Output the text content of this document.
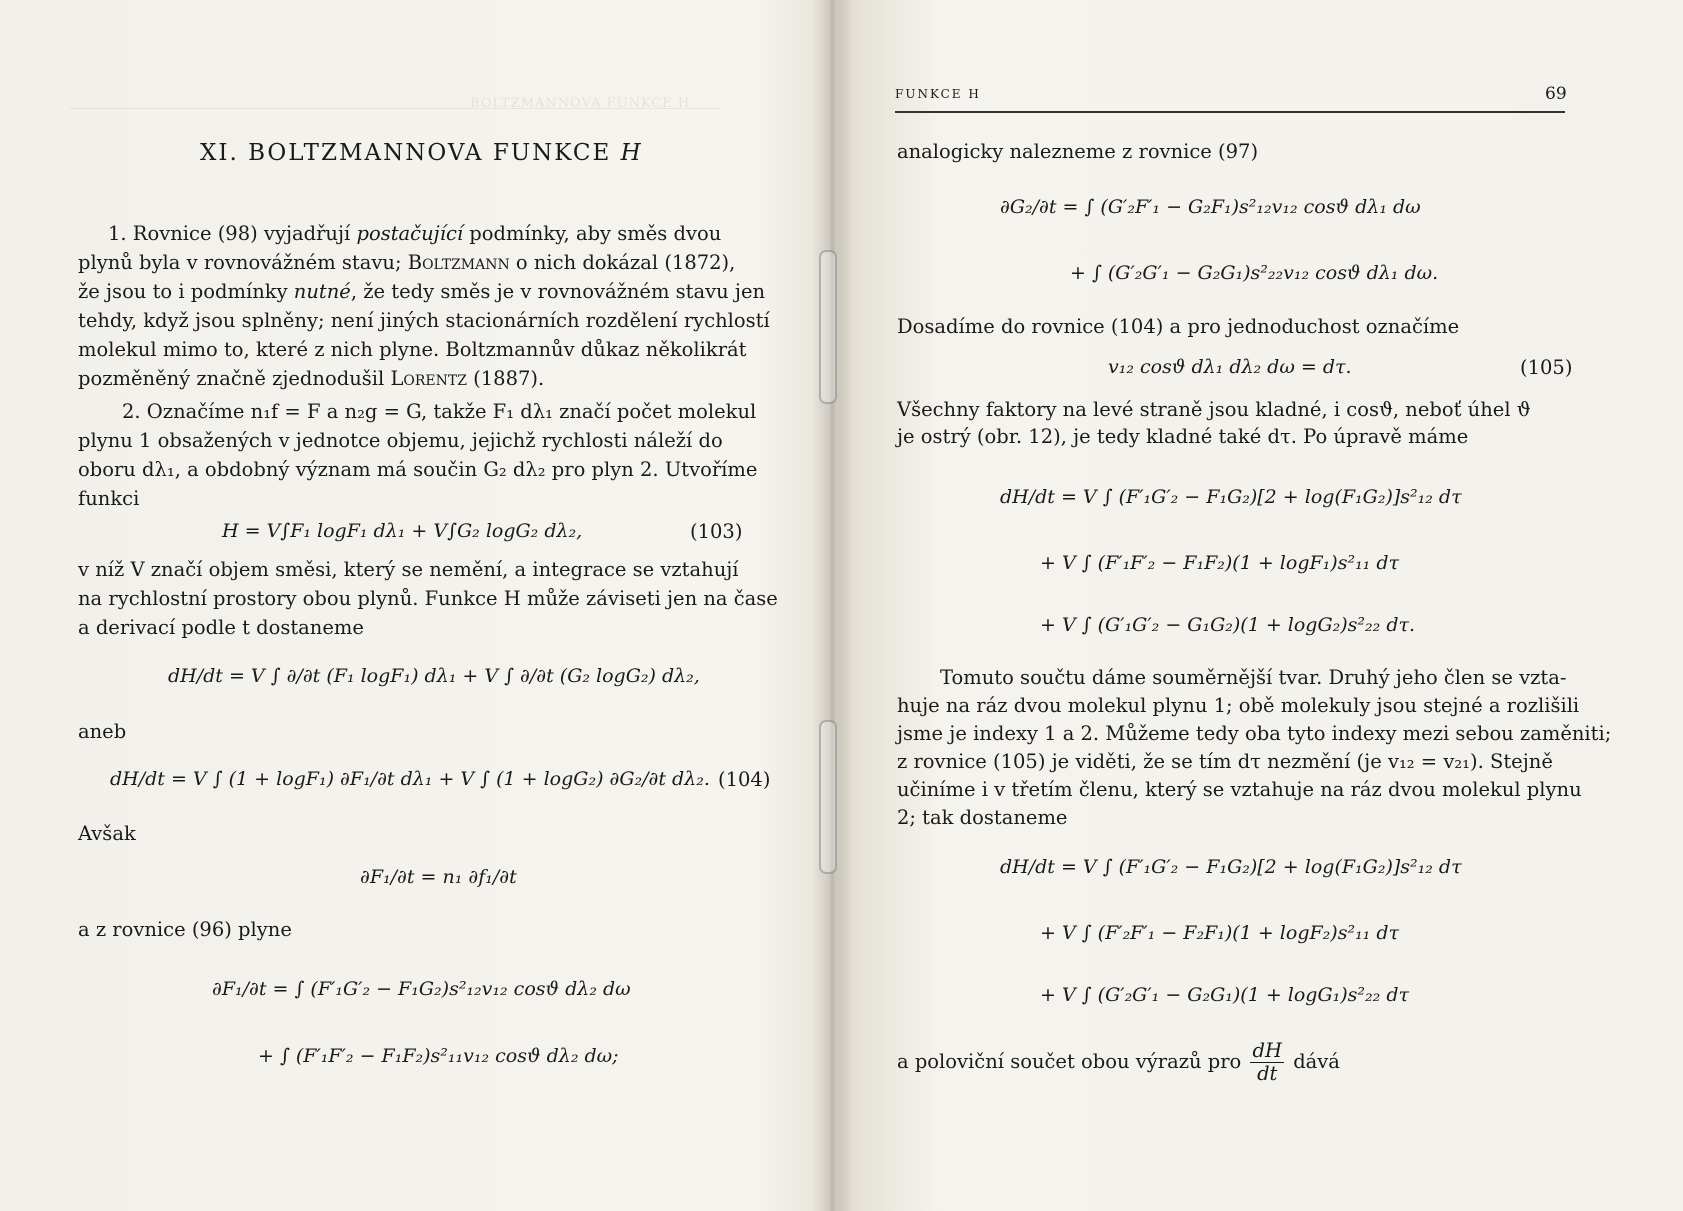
BOLTZMANNOVA FUNKCE H
XI. BOLTZMANNOVA FUNKCE H
1. Rovnice (98) vyjadřují postačující podmínky, aby směs dvou
plynů byla v rovnovážném stavu; Boltzmann o nich dokázal (1872),
že jsou to i podmínky nutné, že tedy směs je v rovnovážném stavu jen
tehdy, když jsou splněny; není jiných stacionárních rozdělení rychlostí
molekul mimo to, které z nich plyne. Boltzmannův důkaz několikrát
pozměněný značně zjednodušil Lorentz (1887).
2. Označíme n₁f = F a n₂g = G, takže F₁ dλ₁ značí počet molekul
plynu 1 obsažených v jednotce objemu, jejichž rychlosti náleží do
oboru dλ₁, a obdobný význam má součin G₂ dλ₂ pro plyn 2. Utvoříme
funkci
H = V∫F₁ logF₁ dλ₁ + V∫G₂ logG₂ dλ₂,	(103)
v níž V značí objem směsi, který se nemění, a integrace se vztahují
na rychlostní prostory obou plynů. Funkce H může záviseti jen na čase
a derivací podle t dostaneme
dH/dt = V ∫ ∂/∂t (F₁ logF₁) dλ₁ + V ∫ ∂/∂t (G₂ logG₂) dλ₂,
aneb
dH/dt = V ∫ (1 + logF₁) ∂F₁/∂t dλ₁ + V ∫ (1 + logG₂) ∂G₂/∂t dλ₂. (104)
Avšak
∂F₁/∂t = n₁ ∂f₁/∂t
a z rovnice (96) plyne
∂F₁/∂t = ∫ (F′₁G′₂ − F₁G₂)s²₁₂v₁₂ cosϑ dλ₂ dω
+ ∫ (F′₁F′₂ − F₁F₂)s²₁₁v₁₂ cosϑ dλ₂ dω;
FUNKCE H	69
analogicky nalezneme z rovnice (97)
∂G₂/∂t = ∫ (G′₂F′₁ − G₂F₁)s²₁₂v₁₂ cosϑ dλ₁ dω
+ ∫ (G′₂G′₁ − G₂G₁)s²₂₂v₁₂ cosϑ dλ₁ dω.
Dosadíme do rovnice (104) a pro jednoduchost označíme
v₁₂ cosϑ dλ₁ dλ₂ dω = dτ.	(105)
Všechny faktory na levé straně jsou kladné, i cosϑ, neboť úhel ϑ
je ostrý (obr. 12), je tedy kladné také dτ. Po úpravě máme
dH/dt = V ∫ (F′₁G′₂ − F₁G₂)[2 + log(F₁G₂)]s²₁₂ dτ
+ V ∫ (F′₁F′₂ − F₁F₂)(1 + logF₁)s²₁₁ dτ
+ V ∫ (G′₁G′₂ − G₁G₂)(1 + logG₂)s²₂₂ dτ.
Tomuto součtu dáme souměrnější tvar. Druhý jeho člen se vzta-
huje na ráz dvou molekul plynu 1; obě molekuly jsou stejné a rozlišili
jsme je indexy 1 a 2. Můžeme tedy oba tyto indexy mezi sebou zaměniti;
z rovnice (105) je viděti, že se tím dτ nezmění (je v₁₂ = v₂₁). Stejně
učiníme i v třetím členu, který se vztahuje na ráz dvou molekul plynu
2; tak dostaneme
dH/dt = V ∫ (F′₁G′₂ − F₁G₂)[2 + log(F₁G₂)]s²₁₂ dτ
+ V ∫ (F′₂F′₁ − F₂F₁)(1 + logF₂)s²₁₁ dτ
+ V ∫ (G′₂G′₁ − G₂G₁)(1 + logG₁)s²₂₂ dτ
a poloviční součet obou výrazů pro $\frac{dH}{dt}$ dává
